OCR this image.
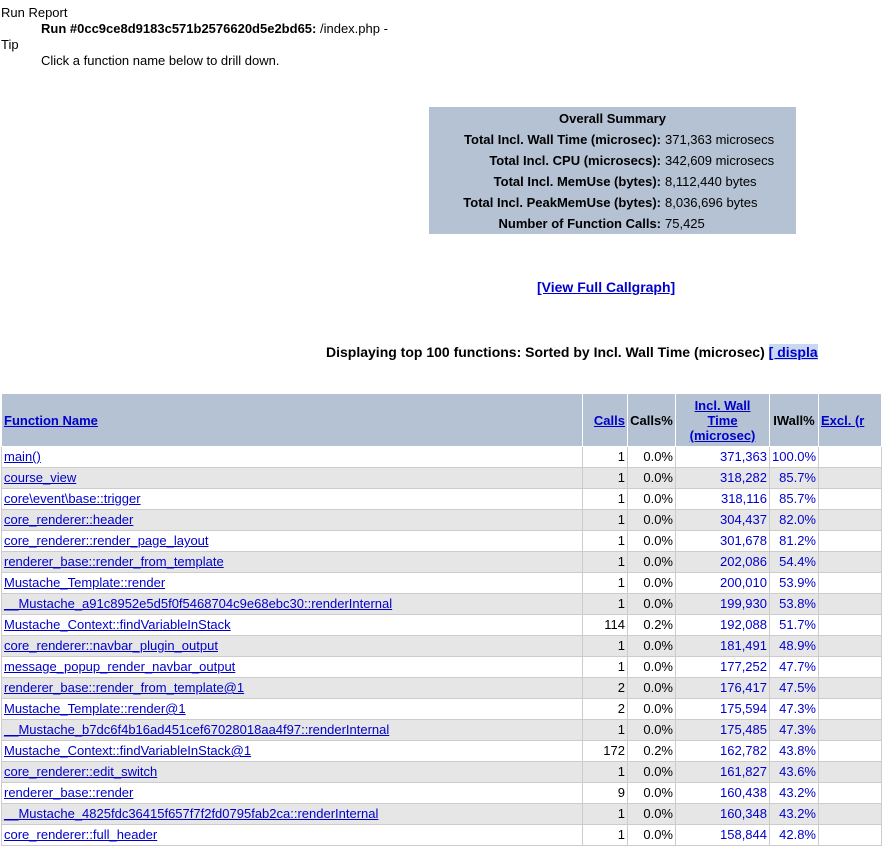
Run Report
Run #0cc9ce8d9183c571b2576620d5e2bd65: /index.php -
Tip
Click a function name below to drill down.
Overall Summary	
Total Incl. Wall Time (microsec):	371,363 microsecs
Total Incl. CPU (microsecs):	342,609 microsecs
Total Incl. MemUse (bytes):	8,112,440 bytes
Total Incl. PeakMemUse (bytes):	8,036,696 bytes
Number of Function Calls:	75,425
[View Full Callgraph]
Displaying top 100 functions: Sorted by Incl. Wall Time (microsec) [ displa
Function Name	Calls	Calls%	Incl. Wall Time (microsec)	IWall%	Excl. (r
main()	1	0.0%	371,363	100.0%	
course_view	1	0.0%	318,282	85.7%	
core\event\base::trigger	1	0.0%	318,116	85.7%	
core_renderer::header	1	0.0%	304,437	82.0%	
core_renderer::render_page_layout	1	0.0%	301,678	81.2%	
renderer_base::render_from_template	1	0.0%	202,086	54.4%	
Mustache_Template::render	1	0.0%	200,010	53.9%	
__Mustache_a91c8952e5d5f0f5468704c9e68ebc30::renderInternal	1	0.0%	199,930	53.8%	
Mustache_Context::findVariableInStack	114	0.2%	192,088	51.7%	
core_renderer::navbar_plugin_output	1	0.0%	181,491	48.9%	
message_popup_render_navbar_output	1	0.0%	177,252	47.7%	
renderer_base::render_from_template@1	2	0.0%	176,417	47.5%	
Mustache_Template::render@1	2	0.0%	175,594	47.3%	
__Mustache_b7dc6f4b16ad451cef67028018aa4f97::renderInternal	1	0.0%	175,485	47.3%	
Mustache_Context::findVariableInStack@1	172	0.2%	162,782	43.8%	
core_renderer::edit_switch	1	0.0%	161,827	43.6%	
renderer_base::render	9	0.0%	160,438	43.2%	
__Mustache_4825fdc36415f657f7f2fd0795fab2ca::renderInternal	1	0.0%	160,348	43.2%	
core_renderer::full_header	1	0.0%	158,844	42.8%	
